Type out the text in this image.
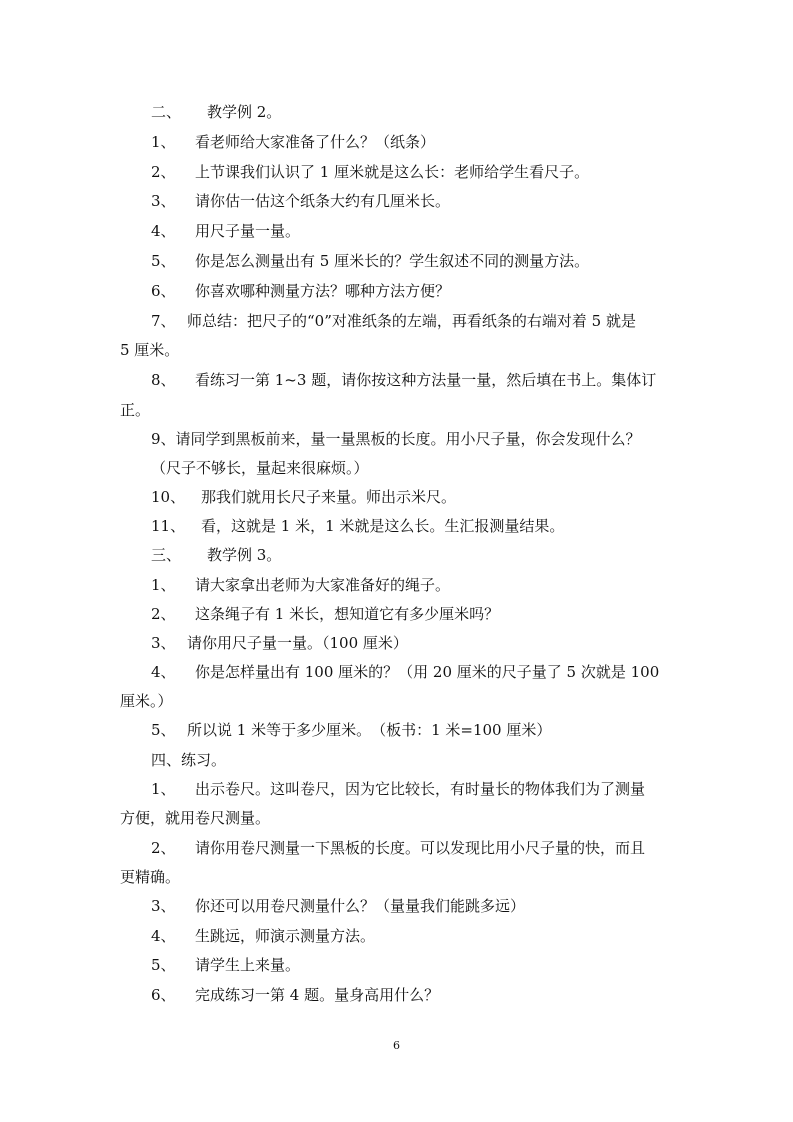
二、 教学例 2。
1、 看老师给大家准备了什么？（纸条）
2、 上节课我们认识了 1 厘米就是这么长：老师给学生看尺子。
3、 请你估一估这个纸条大约有几厘米长。
4、 用尺子量一量。
5、 你是怎么测量出有 5 厘米长的？学生叙述不同的测量方法。
6、 你喜欢哪种测量方法？哪种方法方便？
7、 师总结：把尺子的“0”对准纸条的左端，再看纸条的右端对着 5 就是
5 厘米。
8、 看练习一第 1~3 题，请你按这种方法量一量，然后填在书上。集体订
正。
9、请同学到黑板前来，量一量黑板的长度。用小尺子量，你会发现什么？
（尺子不够长，量起来很麻烦。）
10、 那我们就用长尺子来量。师出示米尺。
11、 看，这就是 1 米，1 米就是这么长。生汇报测量结果。
三、 教学例 3。
1、 请大家拿出老师为大家准备好的绳子。
2、 这条绳子有 1 米长，想知道它有多少厘米吗？
3、 请你用尺子量一量。（100 厘米）
4、 你是怎样量出有 100 厘米的？（用 20 厘米的尺子量了 5 次就是 100
厘米。）
5、 所以说 1 米等于多少厘米。　（板书：1 米=100 厘米）
四、练习。
1、 出示卷尺。这叫卷尺，因为它比较长，有时量长的物体我们为了测量
方便，就用卷尺测量。
2、 请你用卷尺测量一下黑板的长度。可以发现比用小尺子量的快，而且
更精确。
3、 你还可以用卷尺测量什么？（量量我们能跳多远）
4、 生跳远，师演示测量方法。
5、 请学生上来量。
6、 完成练习一第 4 题。量身高用什么？
6
